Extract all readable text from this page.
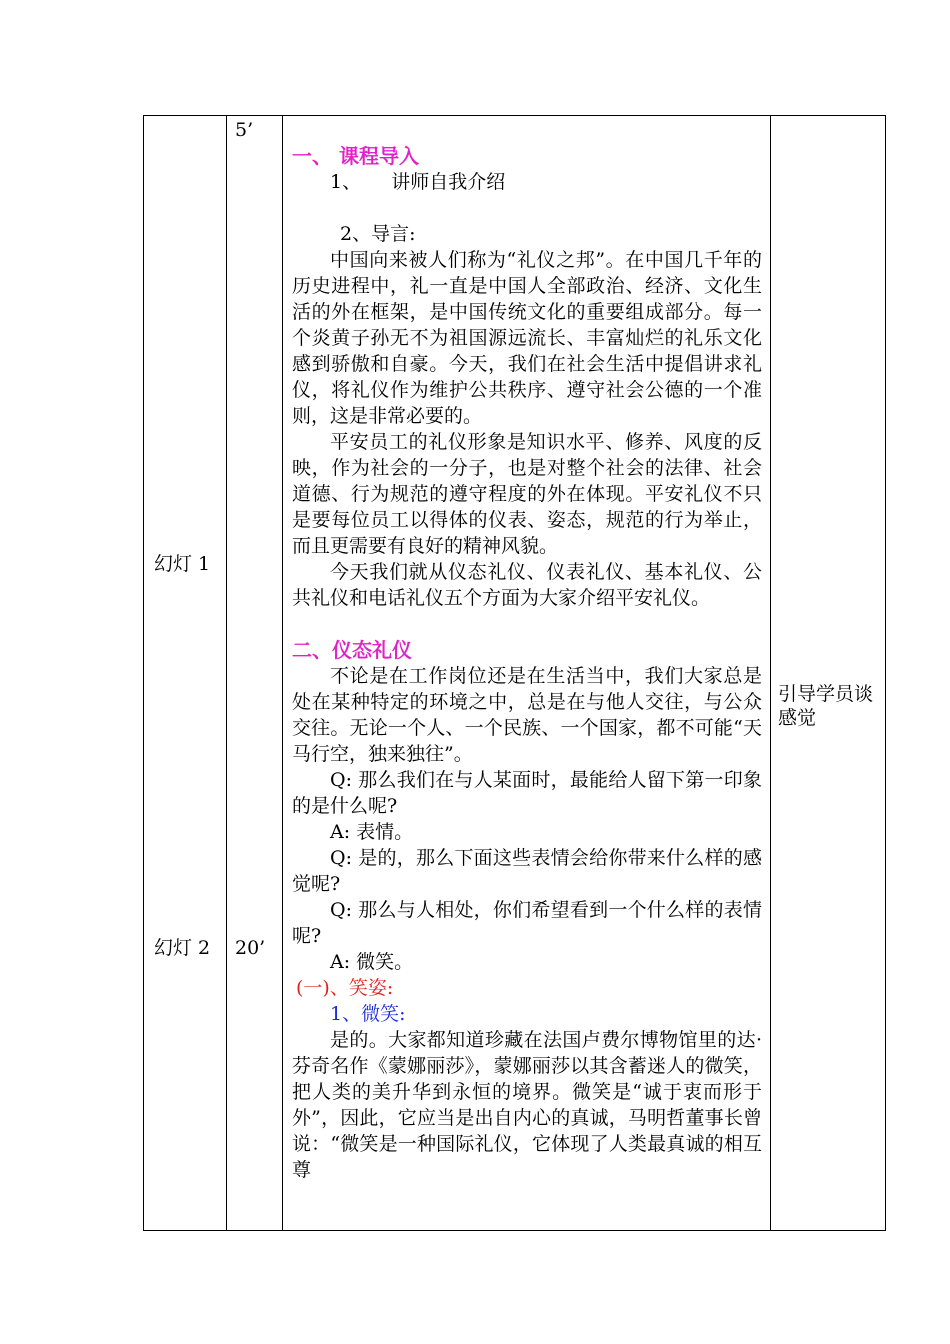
5’
20’
幻灯 1
幻灯 2
引导学员谈感觉

一、 课程导入

1、     讲师自我介绍

2、导言:

中国向来被人们称为“礼仪之邦”。在中国几千年的历史进程中，礼一直是中国人全部政治、经济、文化生活的外在框架，是中国传统文化的重要组成部分。每一个炎黄子孙无不为祖国源远流长、丰富灿烂的礼乐文化感到骄傲和自豪。今天，我们在社会生活中提倡讲求礼仪，将礼仪作为维护公共秩序、遵守社会公德的一个准则，这是非常必要的。

平安员工的礼仪形象是知识水平、修养、风度的反映，作为社会的一分子，也是对整个社会的法律、社会道德、行为规范的遵守程度的外在体现。平安礼仪不只是要每位员工以得体的仪表、姿态，规范的行为举止，而且更需要有良好的精神风貌。

今天我们就从仪态礼仪、仪表礼仪、基本礼仪、公共礼仪和电话礼仪五个方面为大家介绍平安礼仪。

二、仪态礼仪

不论是在工作岗位还是在生活当中，我们大家总是处在某种特定的环境之中，总是在与他人交往，与公众交往。无论一个人、一个民族、一个国家，都不可能“天马行空，独来独往”。

Q: 那么我们在与人某面时，最能给人留下第一印象的是什么呢?

A: 表情。

Q: 是的，那么下面这些表情会给你带来什么样的感觉呢?

Q: 那么与人相处，你们希望看到一个什么样的表情呢?

A: 微笑。

(一)、笑姿:

1、微笑:

是的。大家都知道珍藏在法国卢费尔博物馆里的达·芬奇名作《蒙娜丽莎》，蒙娜丽莎以其含蓄迷人的微笑，把人类的美升华到永恒的境界。微笑是“诚于衷而形于外”，因此，它应当是出自内心的真诚，马明哲董事长曾说：“微笑是一种国际礼仪，它体现了人类最真诚的相互尊
